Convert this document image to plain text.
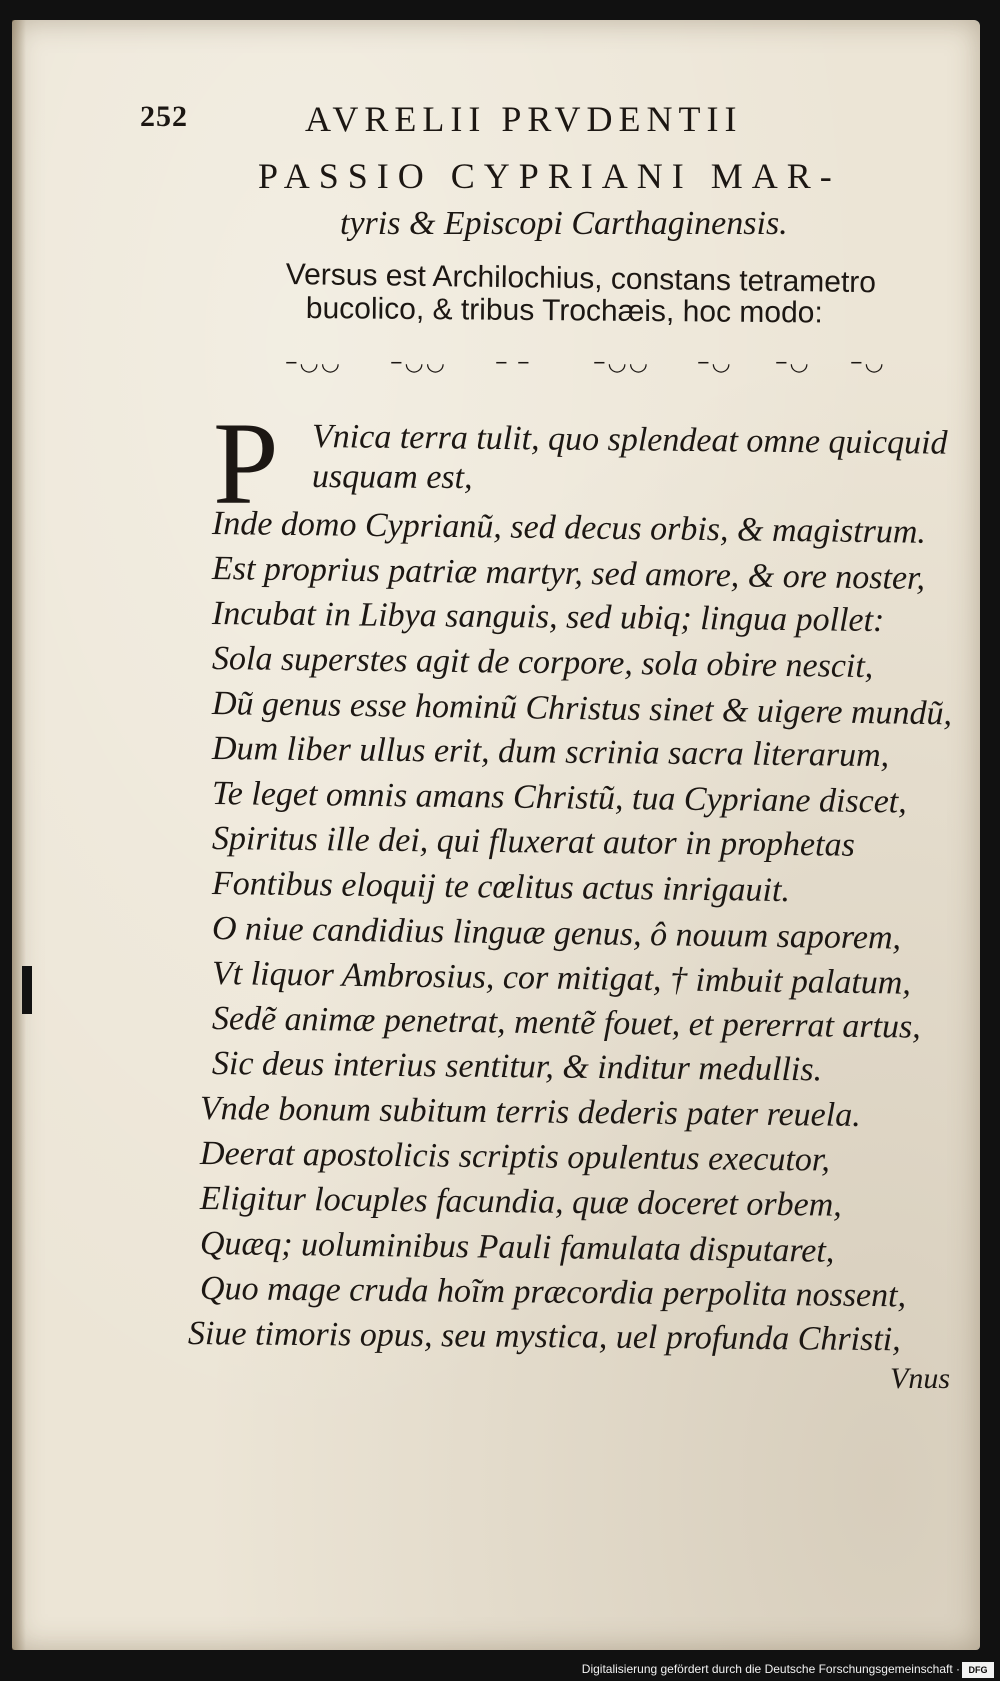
252	AVRELII PRVDENTII
PASSIO CYPRIANI MAR-
tyris & Episcopi Carthaginensis.
Versus est Archilochius, constans tetrametro
bucolico, & tribus Trochæis, hoc modo:
−◡◡ −◡◡ − −	−◡◡ −◡ −◡ −◡
P Vnica terra tulit, quo splendeat omne quicquid
usquam est,
Inde domo Cyprianũ, sed decus orbis, & magistrum.
Est proprius patriæ martyr, sed amore, & ore noster,
Incubat in Libya sanguis, sed ubiq; lingua pollet:
Sola superstes agit de corpore, sola obire nescit,
Dũ genus esse hominũ Christus sinet & uigere mundũ,
Dum liber ullus erit, dum scrinia sacra literarum,
Te leget omnis amans Christũ, tua Cypriane discet,
Spiritus ille dei, qui fluxerat autor in prophetas
Fontibus eloquij te cœlitus actus inrigauit.
O niue candidius linguæ genus, ô nouum saporem,
Vt liquor Ambrosius, cor mitigat, † imbuit palatum,
Sedẽ animæ penetrat, mentẽ fouet, et pererrat artus,
Sic deus interius sentitur, & inditur medullis.
Vnde bonum subitum terris dederis pater reuela.
Deerat apostolicis scriptis opulentus executor,
Eligitur locuples facundia, quæ doceret orbem,
Quæq; uoluminibus Pauli famulata disputaret,
Quo mage cruda hoĩm præcordia perpolita nossent,
Siue timoris opus, seu mystica, uel profunda Christi,
Vnus
Digitalisierung gefördert durch die Deutsche Forschungsgemeinschaft · DFG
